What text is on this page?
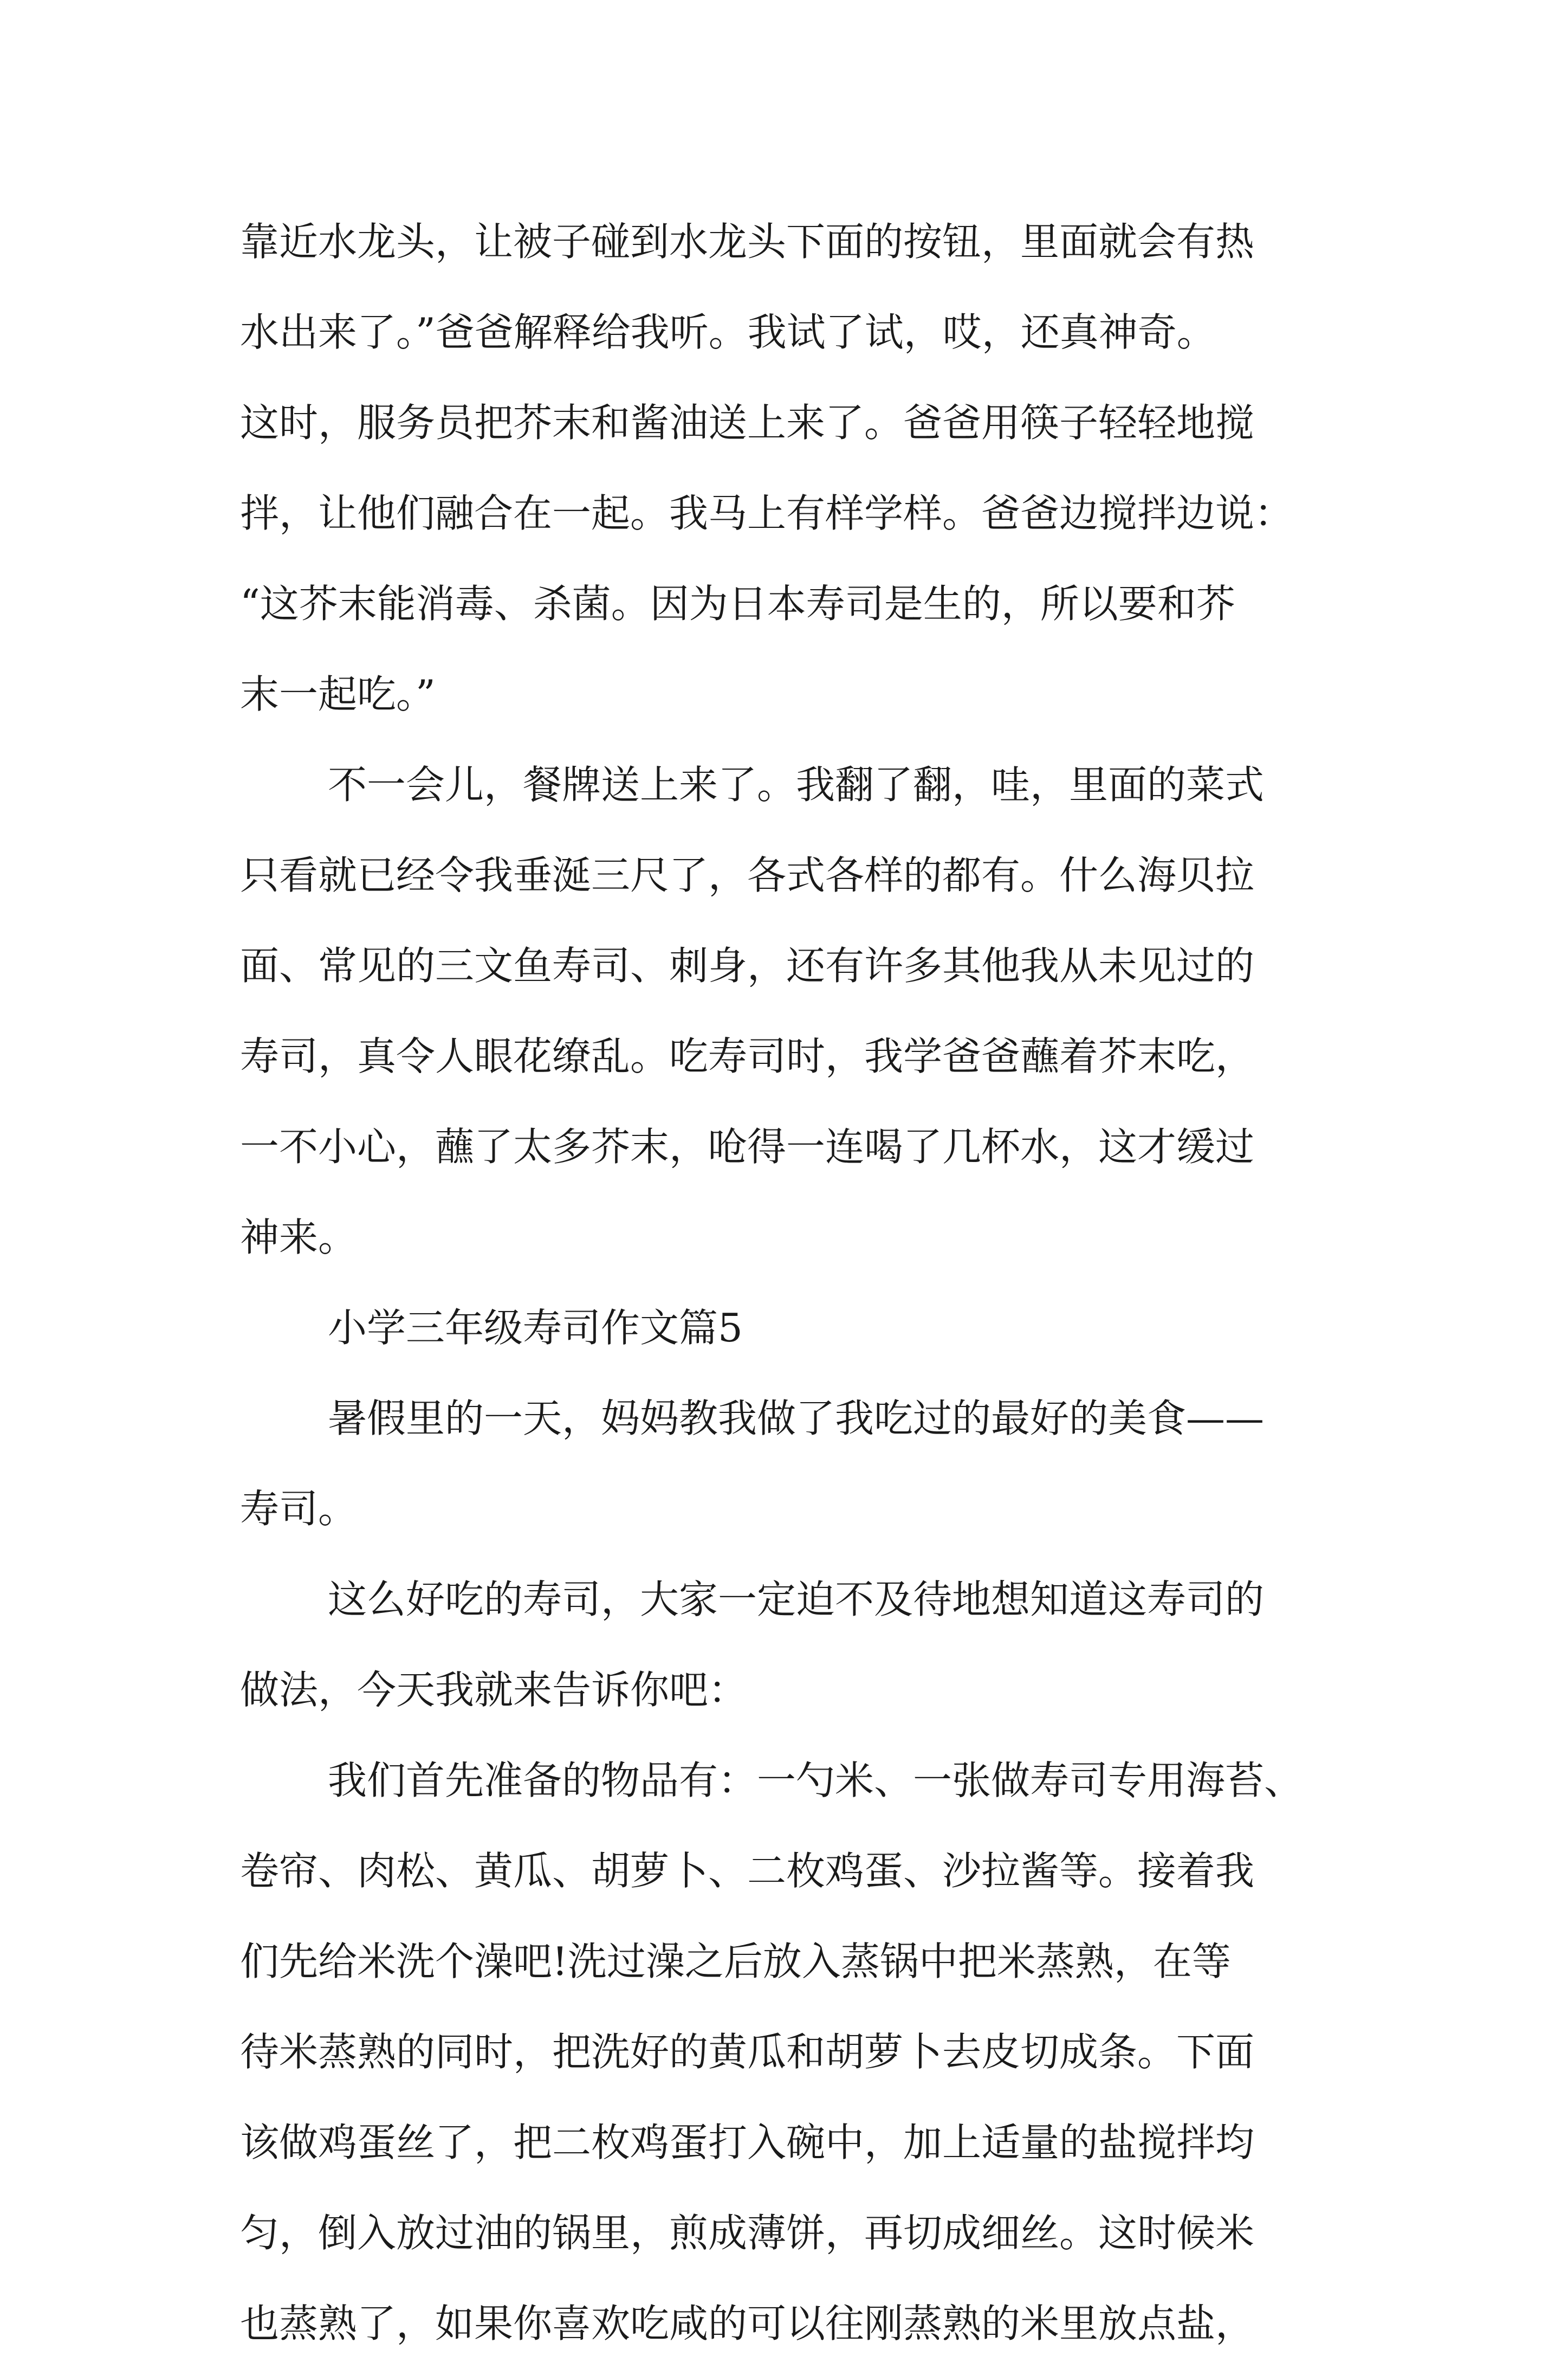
靠近水龙头，让被子碰到水龙头下面的按钮，里面就会有热
水出来了。”爸爸解释给我听。我试了试，哎，还真神奇。
这时，服务员把芥末和酱油送上来了。爸爸用筷子轻轻地搅
拌，让他们融合在一起。我马上有样学样。爸爸边搅拌边说：
“这芥末能消毒、杀菌。因为日本寿司是生的，所以要和芥
末一起吃。”
不一会儿，餐牌送上来了。我翻了翻，哇，里面的菜式
只看就已经令我垂涎三尺了，各式各样的都有。什么海贝拉
面、常见的三文鱼寿司、刺身，还有许多其他我从未见过的
寿司，真令人眼花缭乱。吃寿司时，我学爸爸蘸着芥末吃，
一不小心，蘸了太多芥末，呛得一连喝了几杯水，这才缓过
神来。
小学三年级寿司作文篇5
暑假里的一天，妈妈教我做了我吃过的最好的美食——
寿司。
这么好吃的寿司，大家一定迫不及待地想知道这寿司的
做法，今天我就来告诉你吧：
我们首先准备的物品有：一勺米、一张做寿司专用海苔、
卷帘、肉松、黄瓜、胡萝卜、二枚鸡蛋、沙拉酱等。接着我
们先给米洗个澡吧!洗过澡之后放入蒸锅中把米蒸熟，在等
待米蒸熟的同时，把洗好的黄瓜和胡萝卜去皮切成条。下面
该做鸡蛋丝了，把二枚鸡蛋打入碗中，加上适量的盐搅拌均
匀，倒入放过油的锅里，煎成薄饼，再切成细丝。这时候米
也蒸熟了，如果你喜欢吃咸的可以往刚蒸熟的米里放点盐，
